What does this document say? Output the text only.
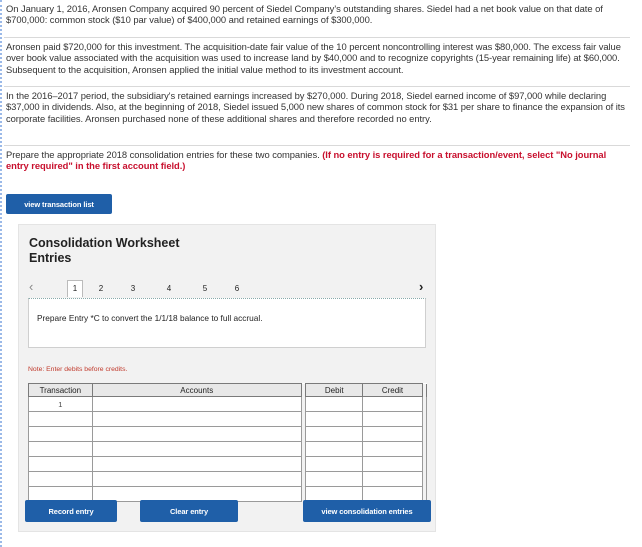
On January 1, 2016, Aronsen Company acquired 90 percent of Siedel Company's outstanding shares. Siedel had a net book value on that date of $700,000: common stock ($10 par value) of $400,000 and retained earnings of $300,000.
Aronsen paid $720,000 for this investment. The acquisition-date fair value of the 10 percent noncontrolling interest was $80,000. The excess fair value over book value associated with the acquisition was used to increase land by $40,000 and to recognize copyrights (15-year remaining life) at $60,000. Subsequent to the acquisition, Aronsen applied the initial value method to its investment account.
In the 2016–2017 period, the subsidiary's retained earnings increased by $270,000. During 2018, Siedel earned income of $97,000 while declaring $37,000 in dividends. Also, at the beginning of 2018, Siedel issued 5,000 new shares of common stock for $31 per share to finance the expansion of its corporate facilities. Aronsen purchased none of these additional shares and therefore recorded no entry.
Prepare the appropriate 2018 consolidation entries for these two companies. (If no entry is required for a transaction/event, select "No journal entry required" in the first account field.)
view transaction list
Consolidation Worksheet Entries
‹	1	2	3	4	5	6	›
Prepare Entry *C to convert the 1/1/18 balance to full accrual.
Note: Enter debits before credits.
Transaction	Accounts		Debit	Credit	
1					

Record entry	Clear entry	view consolidation entries
